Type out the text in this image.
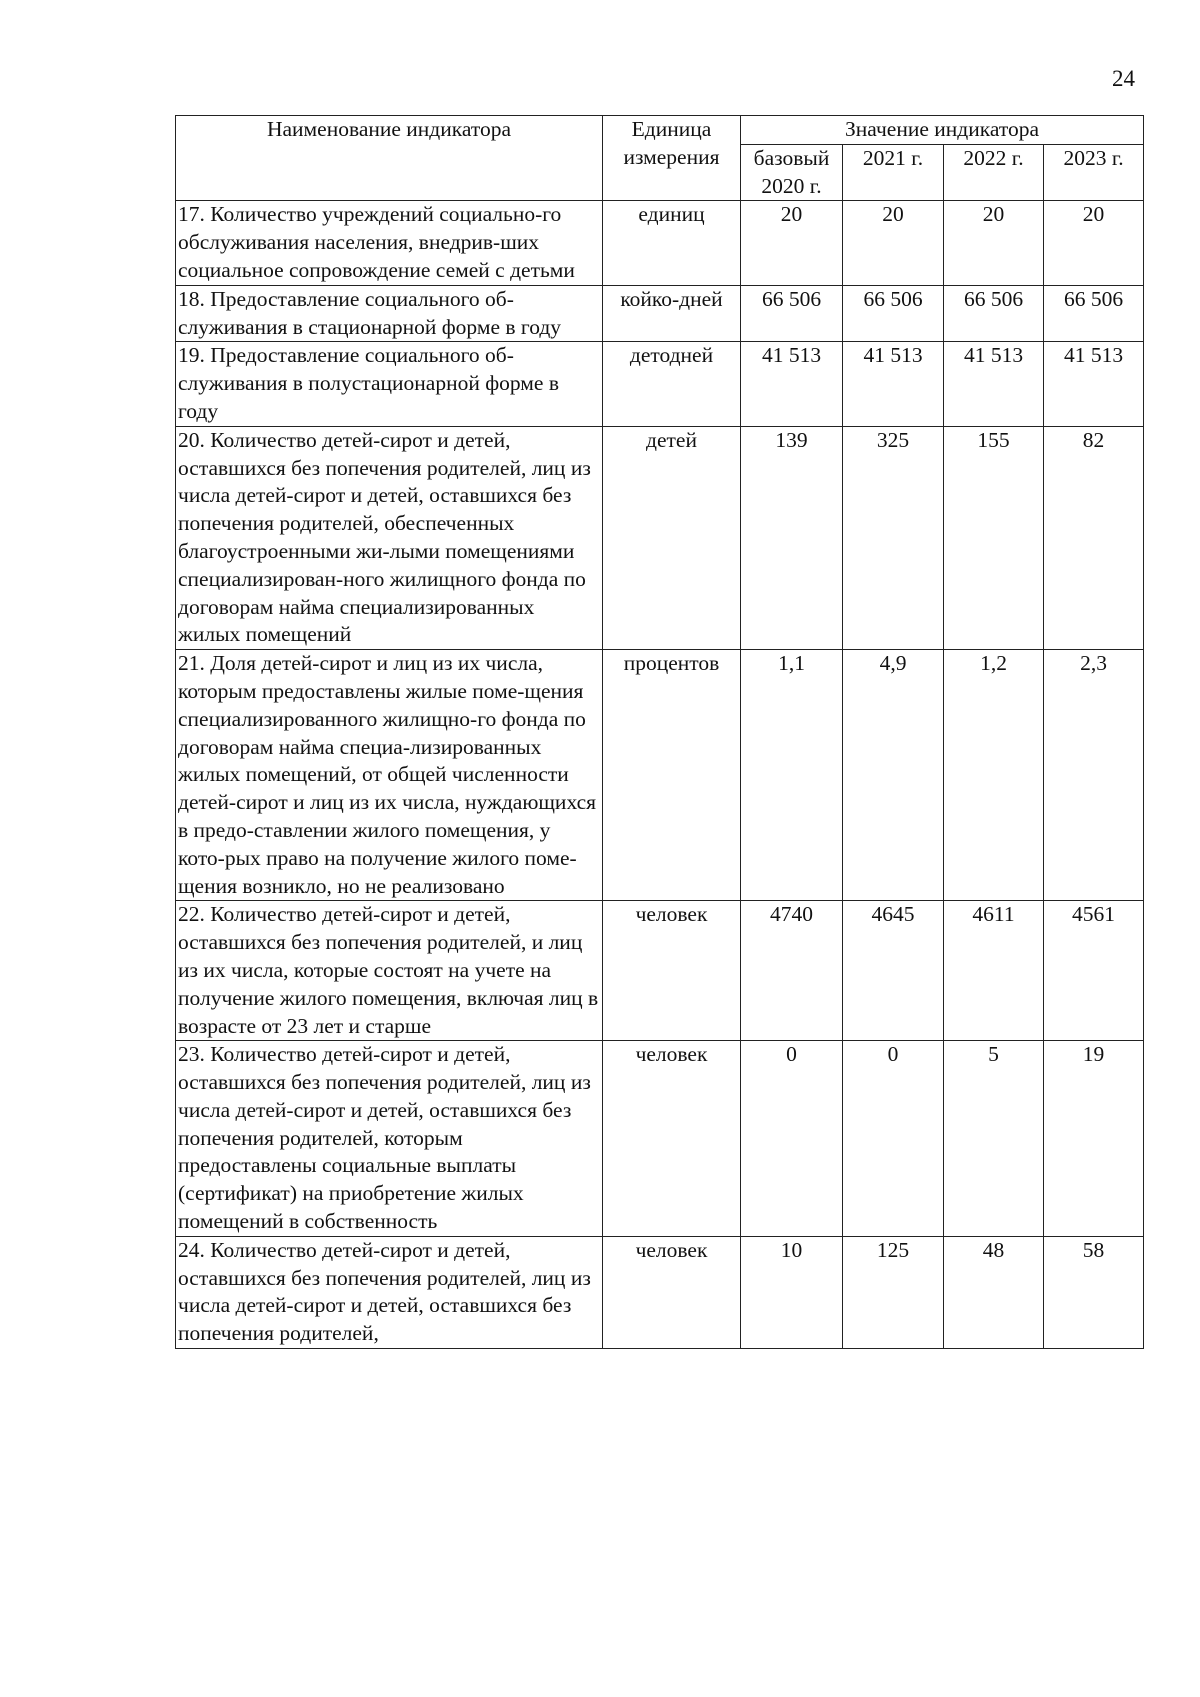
24
Наименование индикатора	Единица измерения	Значение индикатора			
		базовый 2020 г.	2021 г.	2022 г.	2023 г.
17. Количество учреждений социально-го обслуживания населения, внедрив-ших социальное сопровождение семей с детьми	единиц	20	20	20	20
18. Предоставление социального об-служивания в стационарной форме в году	койко-дней	66 506	66 506	66 506	66 506
19. Предоставление социального об-служивания в полустационарной форме в году	детодней	41 513	41 513	41 513	41 513
20. Количество детей-сирот и детей, оставшихся без попечения родителей, лиц из числа детей-сирот и детей, оставшихся без попечения родителей, обеспеченных благоустроенными жи-лыми помещениями специализирован-ного жилищного фонда по договорам найма специализированных жилых помещений	детей	139	325	155	82
21. Доля детей-сирот и лиц из их числа, которым предоставлены жилые поме-щения специализированного жилищно-го фонда по договорам найма специа-лизированных жилых помещений, от общей численности детей-сирот и лиц из их числа, нуждающихся в предо-ставлении жилого помещения, у кото-рых право на получение жилого поме-щения возникло, но не реализовано	процентов	1,1	4,9	1,2	2,3
22. Количество детей-сирот и детей, оставшихся без попечения родителей, и лиц из их числа, которые состоят на учете на получение жилого помещения, включая лиц в возрасте от 23 лет и старше	человек	4740	4645	4611	4561
23. Количество детей-сирот и детей, оставшихся без попечения родителей, лиц из числа детей-сирот и детей, оставшихся без попечения родителей, которым предоставлены социальные выплаты (сертификат) на приобретение жилых помещений в собственность	человек	0	0	5	19
24. Количество детей-сирот и детей, оставшихся без попечения родителей, лиц из числа детей-сирот и детей, оставшихся без попечения родителей,	человек	10	125	48	58
